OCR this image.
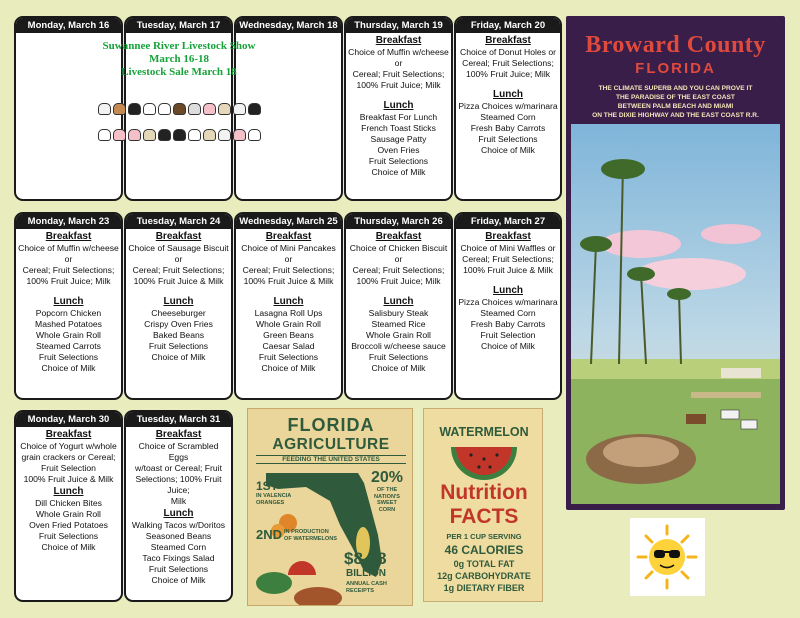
Monday, March 16	Tuesday, March 17	Wednesday, March 18
Suwannee River Livestock Show
March 16-18
Livestock Sale March 18
Thursday, March 19
Breakfast
Choice of Muffin w/cheese or
Cereal; Fruit Selections;
100% Fruit Juice; Milk
Lunch
Breakfast For Lunch
French Toast Sticks
Sausage Patty
Oven Fries
Fruit Selections
Choice of Milk
Friday, March 20
Breakfast
Choice of Donut Holes or
Cereal; Fruit Selections;
100% Fruit Juice; Milk
Lunch
Pizza Choices w/marinara
Steamed Corn
Fresh Baby Carrots
Fruit Selections
Choice of Milk
Monday, March 23
Breakfast
Choice of Muffin w/cheese or
Cereal; Fruit Selections;
100% Fruit Juice; Milk
Lunch
Popcorn Chicken
Mashed Potatoes
Whole Grain Roll
Steamed Carrots
Fruit Selections
Choice of Milk
Tuesday, March 24
Breakfast
Choice of Sausage Biscuit or
Cereal; Fruit Selections;
100% Fruit Juice & Milk
Lunch
Cheeseburger
Crispy Oven Fries
Baked Beans
Fruit Selections
Choice of Milk
Wednesday, March 25
Breakfast
Choice of Mini Pancakes or
Cereal; Fruit Selections;
100% Fruit Juice & Milk
Lunch
Lasagna Roll Ups
Whole Grain Roll
Green Beans
Caesar Salad
Fruit Selections
Choice of Milk
Thursday, March 26
Breakfast
Choice of Chicken Biscuit or
Cereal; Fruit Selections;
100% Fruit Juice; Milk
Lunch
Salisbury Steak
Steamed Rice
Whole Grain Roll
Broccoli w/cheese sauce
Fruit Selections
Choice of Milk
Friday, March 27
Breakfast
Choice of Mini Waffles or
Cereal; Fruit Selections;
100% Fruit Juice & Milk
Lunch
Pizza Choices w/marinara
Steamed Corn
Fresh Baby Carrots
Fruit Selection
Choice of Milk
Monday, March 30
Breakfast
Choice of Yogurt w/whole
grain crackers or Cereal;
Fruit Selection
100% Fruit Juice & Milk
Lunch
Dill Chicken Bites
Whole Grain Roll
Oven Fried Potatoes
Fruit Selections
Choice of Milk
Tuesday, March 31
Breakfast
Choice of Scrambled Eggs
w/toast or Cereal; Fruit
Selections; 100% Fruit Juice;
Milk
Lunch
Walking Tacos w/Doritos
Seasoned Beans
Steamed Corn
Taco Fixings Salad
Fruit Selections
Choice of Milk
Broward County
FLORIDA
THE CLIMATE SUPERB AND YOU CAN PROVE IT
THE PARADISE OF THE EAST COAST
BETWEEN PALM BEACH AND MIAMI
ON THE DIXIE HIGHWAY AND THE EAST COAST R.R.
FLORIDA
AGRICULTURE
FEEDING THE UNITED STATES
20%
OF THE
NATION'S
SWEET
CORN
1ST
IN VALENCIA
ORANGES
2ND IN PRODUCTION
OF WATERMELONS
$8.88
BILLION
ANNUAL CASH
RECEIPTS
WATERMELON
Nutrition
FACTS
PER 1 CUP SERVING
46 CALORIES
0g TOTAL FAT
12g CARBOHYDRATE
1g DIETARY FIBER
